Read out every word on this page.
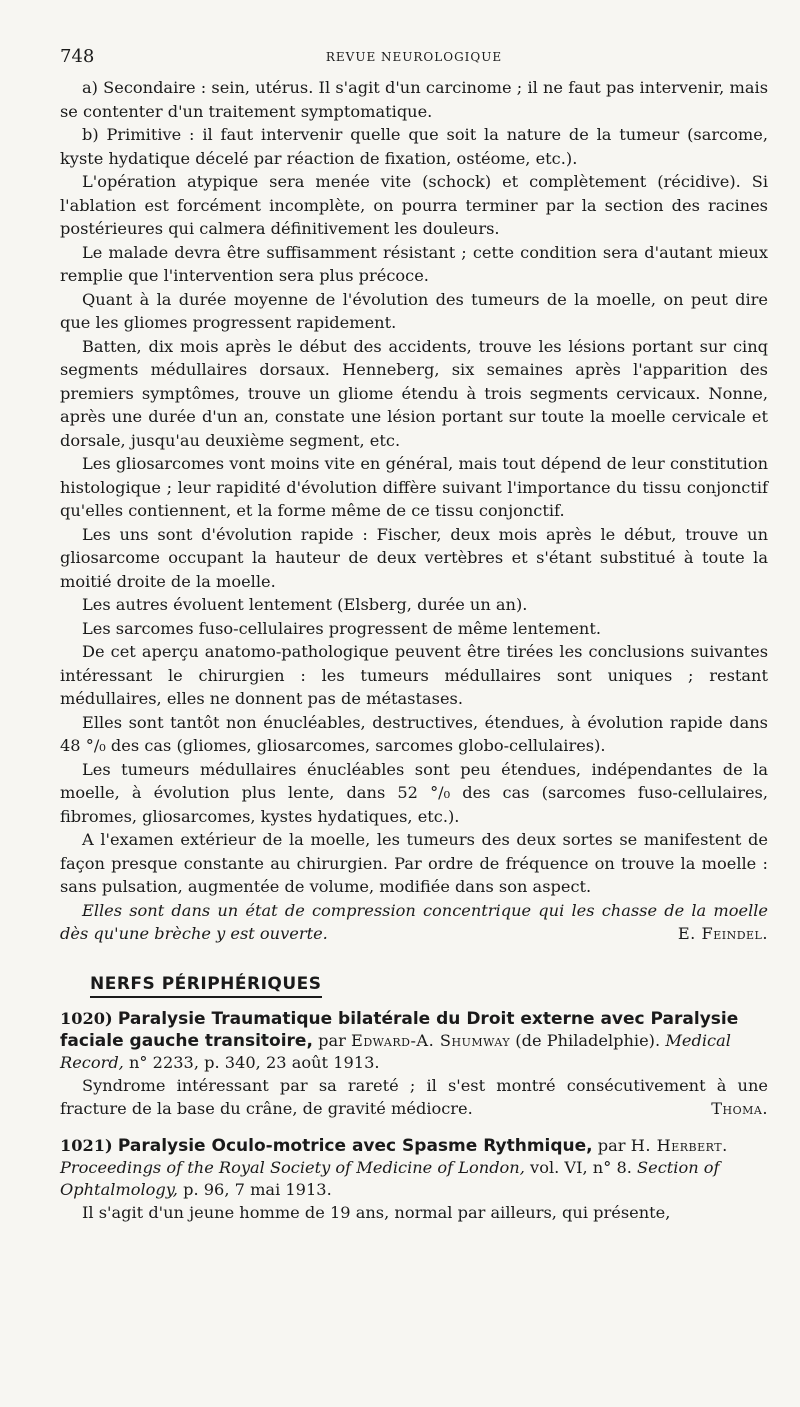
748	REVUE NEUROLOGIQUE

a) Secondaire : sein, utérus. Il s'agit d'un carcinome ; il ne faut pas intervenir, mais se contenter d'un traitement symptomatique.

b) Primitive : il faut intervenir quelle que soit la nature de la tumeur (sarcome, kyste hydatique décelé par réaction de fixation, ostéome, etc.).

L'opération atypique sera menée vite (schock) et complètement (récidive). Si l'ablation est forcément incomplète, on pourra terminer par la section des racines postérieures qui calmera définitivement les douleurs.

Le malade devra être suffisamment résistant ; cette condition sera d'autant mieux remplie que l'intervention sera plus précoce.

Quant à la durée moyenne de l'évolution des tumeurs de la moelle, on peut dire que les gliomes progressent rapidement.

Batten, dix mois après le début des accidents, trouve les lésions portant sur cinq segments médullaires dorsaux. Henneberg, six semaines après l'apparition des premiers symptômes, trouve un gliome étendu à trois segments cervicaux. Nonne, après une durée d'un an, constate une lésion portant sur toute la moelle cervicale et dorsale, jusqu'au deuxième segment, etc.

Les gliosarcomes vont moins vite en général, mais tout dépend de leur constitution histologique ; leur rapidité d'évolution diffère suivant l'importance du tissu conjonctif qu'elles contiennent, et la forme même de ce tissu conjonctif.

Les uns sont d'évolution rapide : Fischer, deux mois après le début, trouve un gliosarcome occupant la hauteur de deux vertèbres et s'étant substitué à toute la moitié droite de la moelle.

Les autres évoluent lentement (Elsberg, durée un an).

Les sarcomes fuso-cellulaires progressent de même lentement.

De cet aperçu anatomo-pathologique peuvent être tirées les conclusions suivantes intéressant le chirurgien : les tumeurs médullaires sont uniques ; restant médullaires, elles ne donnent pas de métastases.

Elles sont tantôt non énucléables, destructives, étendues, à évolution rapide dans 48 °/₀ des cas (gliomes, gliosarcomes, sarcomes globo-cellulaires).

Les tumeurs médullaires énucléables sont peu étendues, indépendantes de la moelle, à évolution plus lente, dans 52 °/₀ des cas (sarcomes fuso-cellulaires, fibromes, gliosarcomes, kystes hydatiques, etc.).

A l'examen extérieur de la moelle, les tumeurs des deux sortes se manifestent de façon presque constante au chirurgien. Par ordre de fréquence on trouve la moelle : sans pulsation, augmentée de volume, modifiée dans son aspect.

Elles sont dans un état de compression concentrique qui les chasse de la moelle dès qu'une brèche y est ouverte.	E. Feindel.

NERFS PÉRIPHÉRIQUES

1020) Paralysie Traumatique bilatérale du Droit externe avec Paralysie faciale gauche transitoire, par Edward-A. Shumway (de Philadelphie). Medical Record, n° 2233, p. 340, 23 août 1913.

Syndrome intéressant par sa rareté ; il s'est montré consécutivement à une fracture de la base du crâne, de gravité médiocre.	Thoma.

1021) Paralysie Oculo-motrice avec Spasme Rythmique, par H. Herbert. Proceedings of the Royal Society of Medicine of London, vol. VI, n° 8. Section of Ophtalmology, p. 96, 7 mai 1913.

Il s'agit d'un jeune homme de 19 ans, normal par ailleurs, qui présente,
